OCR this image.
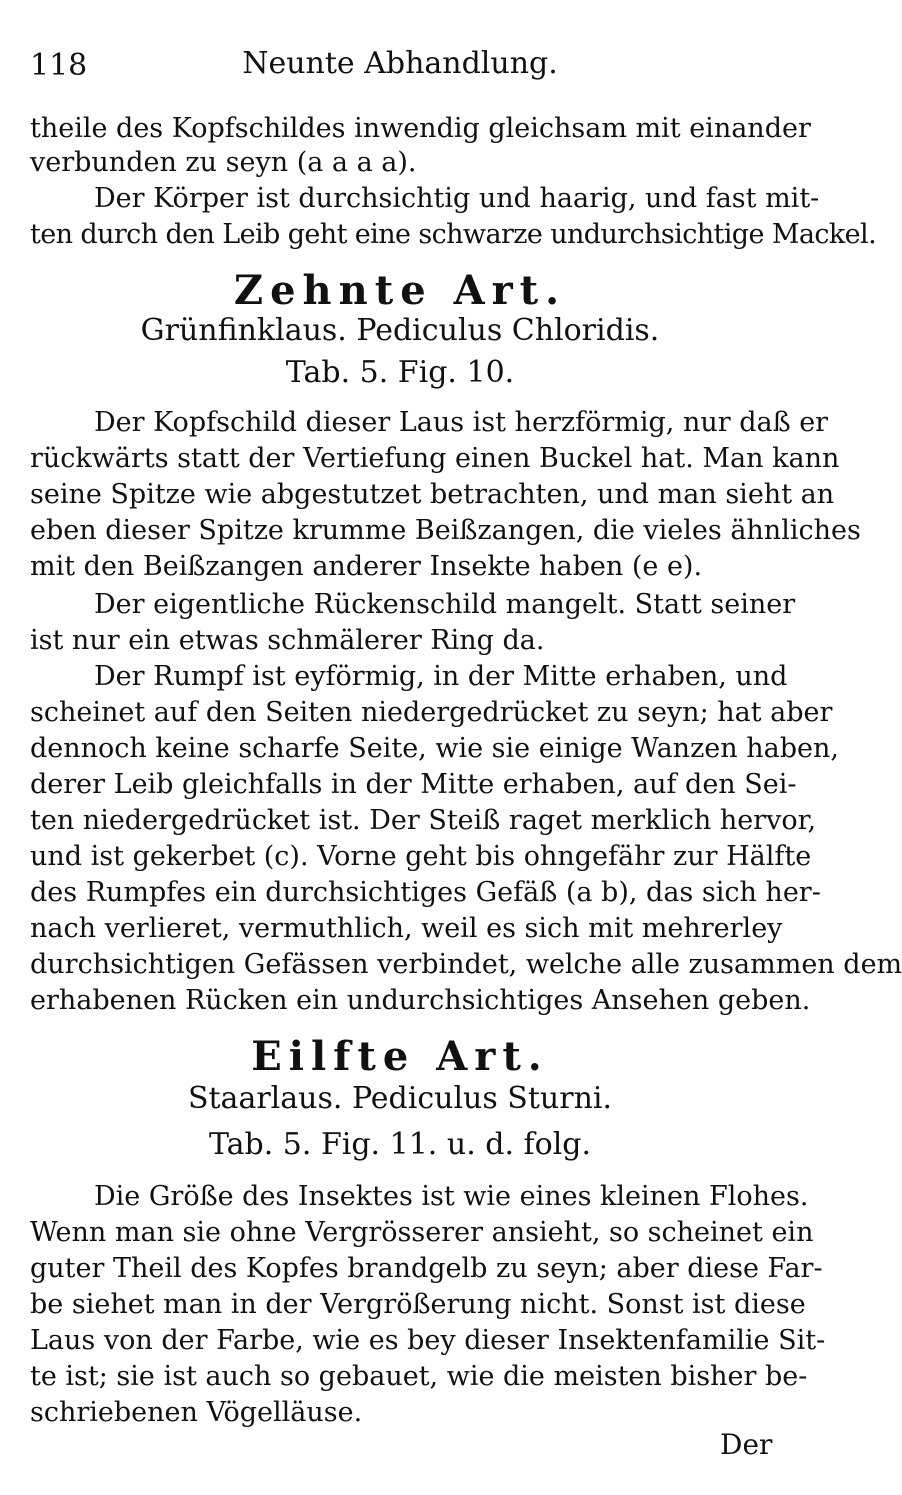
118	Neunte Abhandlung.
theile des Kopfschildes inwendig gleichsam mit einander
verbunden zu seyn (a a a a).
Der Körper ist durchsichtig und haarig, und fast mit-
ten durch den Leib geht eine schwarze undurchsichtige Mackel.
Zehnte Art.
Grünfinklaus. Pediculus Chloridis.
Tab. 5. Fig. 10.
Der Kopfschild dieser Laus ist herzförmig, nur daß er
rückwärts statt der Vertiefung einen Buckel hat. Man kann
seine Spitze wie abgestutzet betrachten, und man sieht an
eben dieser Spitze krumme Beißzangen, die vieles ähnliches
mit den Beißzangen anderer Insekte haben (e e).
Der eigentliche Rückenschild mangelt. Statt seiner
ist nur ein etwas schmälerer Ring da.
Der Rumpf ist eyförmig, in der Mitte erhaben, und
scheinet auf den Seiten niedergedrücket zu seyn; hat aber
dennoch keine scharfe Seite, wie sie einige Wanzen haben,
derer Leib gleichfalls in der Mitte erhaben, auf den Sei-
ten niedergedrücket ist. Der Steiß raget merklich hervor,
und ist gekerbet (c). Vorne geht bis ohngefähr zur Hälfte
des Rumpfes ein durchsichtiges Gefäß (a b), das sich her-
nach verlieret, vermuthlich, weil es sich mit mehrerley
durchsichtigen Gefässen verbindet, welche alle zusammen dem
erhabenen Rücken ein undurchsichtiges Ansehen geben.
Eilfte Art.
Staarlaus. Pediculus Sturni.
Tab. 5. Fig. 11. u. d. folg.
Die Größe des Insektes ist wie eines kleinen Flohes.
Wenn man sie ohne Vergrösserer ansieht, so scheinet ein
guter Theil des Kopfes brandgelb zu seyn; aber diese Far-
be siehet man in der Vergrößerung nicht. Sonst ist diese
Laus von der Farbe, wie es bey dieser Insektenfamilie Sit-
te ist; sie ist auch so gebauet, wie die meisten bisher be-
schriebenen Vögelläuse.
Der
